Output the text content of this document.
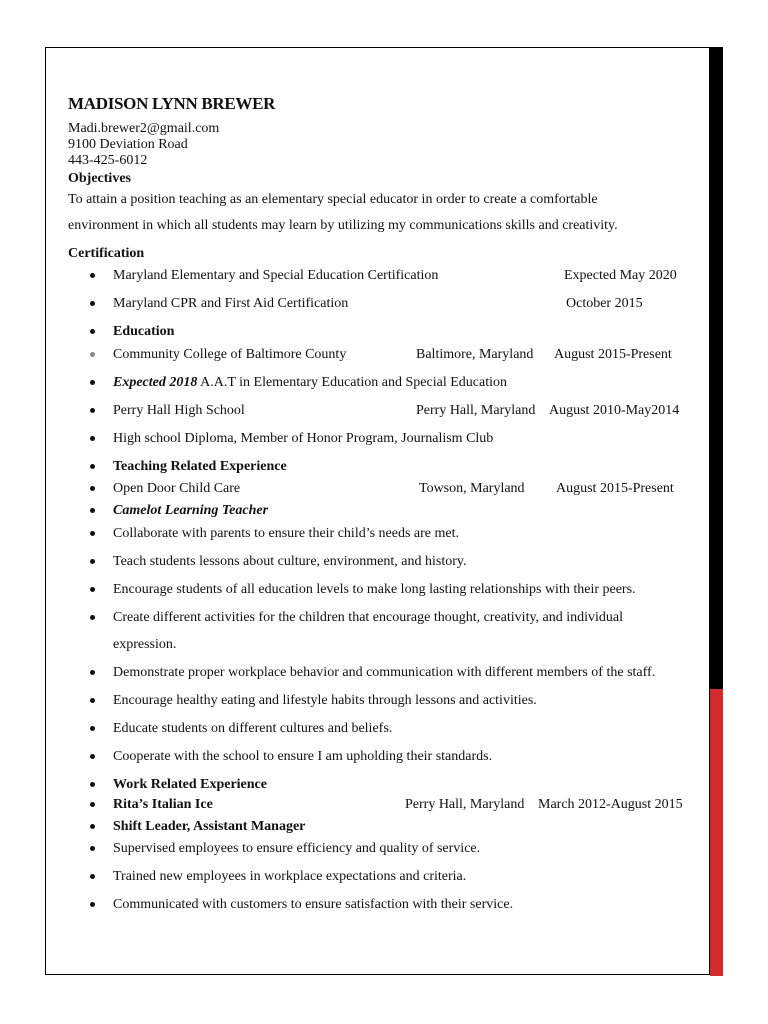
MADISON LYNN BREWER
Madi.brewer2@gmail.com
9100 Deviation Road
443-425-6012
Objectives
To attain a position teaching as an elementary special educator in order to create a comfortable
environment in which all students may learn by utilizing my communications skills and creativity.
Certification
Maryland Elementary and Special Education Certification	Expected May 2020
Maryland CPR and First Aid Certification	October 2015
Education
Community College of Baltimore County	Baltimore, Maryland August 2015-Present
Expected 2018 A.A.T in Elementary Education and Special Education
Perry Hall High School	Perry Hall, Maryland August 2010-May2014
High school Diploma, Member of Honor Program, Journalism Club
Teaching Related Experience
Open Door Child Care	Towson, Maryland August 2015-Present
Camelot Learning Teacher
Collaborate with parents to ensure their child’s needs are met.
Teach students lessons about culture, environment, and history.
Encourage students of all education levels to make long lasting relationships with their peers.
Create different activities for the children that encourage thought, creativity, and individual
expression.
Demonstrate proper workplace behavior and communication with different members of the staff.
Encourage healthy eating and lifestyle habits through lessons and activities.
Educate students on different cultures and beliefs.
Cooperate with the school to ensure I am upholding their standards.
Work Related Experience
Rita’s Italian Ice	Perry Hall, Maryland March 2012-August 2015
Shift Leader, Assistant Manager
Supervised employees to ensure efficiency and quality of service.
Trained new employees in workplace expectations and criteria.
Communicated with customers to ensure satisfaction with their service.
